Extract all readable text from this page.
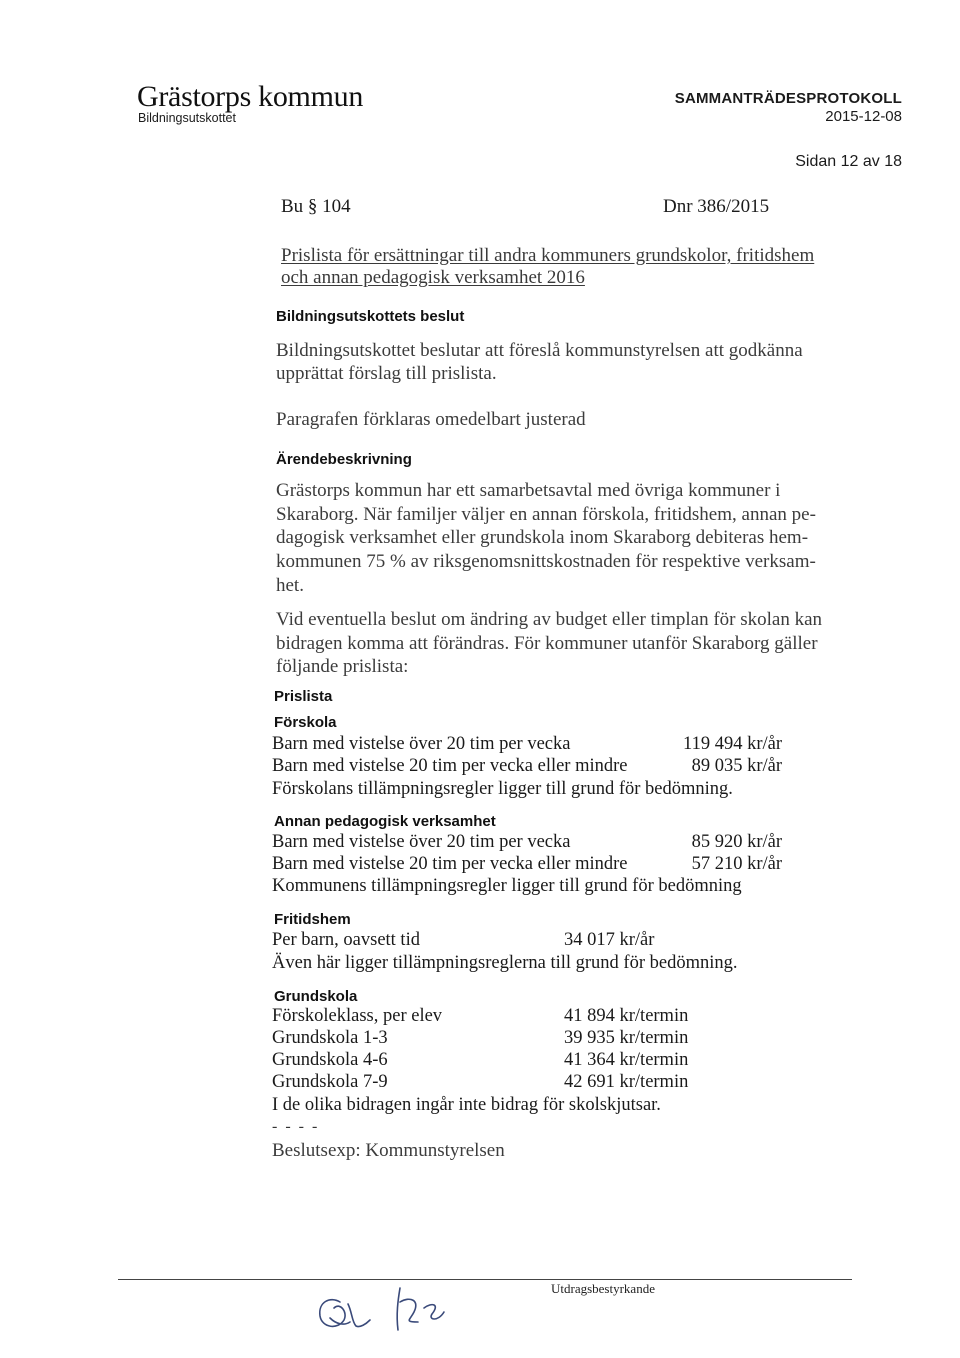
Grästorps kommun
Bildningsutskottet
SAMMANTRÄDESPROTOKOLL
2015-12-08
Sidan 12 av 18
Bu § 104	Dnr 386/2015
Prislista för ersättningar till andra kommuners grundskolor, fritidshem
och annan pedagogisk verksamhet 2016
Bildningsutskottets beslut
Bildningsutskottet beslutar att föreslå kommunstyrelsen att godkänna
upprättat förslag till prislista.
Paragrafen förklaras omedelbart justerad
Ärendebeskrivning
Grästorps kommun har ett samarbetsavtal med övriga kommuner i
Skaraborg. När familjer väljer en annan förskola, fritidshem, annan pe-
dagogisk verksamhet eller grundskola inom Skaraborg debiteras hem-
kommunen 75 % av riksgenomsnittskostnaden för respektive verksam-
het.
Vid eventuella beslut om ändring av budget eller timplan för skolan kan
bidragen komma att förändras. För kommuner utanför Skaraborg gäller
följande prislista:
Prislista
Förskola
Barn med vistelse över 20 tim per vecka	119 494 kr/år
Barn med vistelse 20 tim per vecka eller mindre	89 035 kr/år
Förskolans tillämpningsregler ligger till grund för bedömning.
Annan pedagogisk verksamhet
Barn med vistelse över 20 tim per vecka	85 920 kr/år
Barn med vistelse 20 tim per vecka eller mindre	57 210 kr/år
Kommunens tillämpningsregler ligger till grund för bedömning
Fritidshem
Per barn, oavsett tid	34 017 kr/år
Även här ligger tillämpningsreglerna till grund för bedömning.
Grundskola
Förskoleklass, per elev	41 894 kr/termin
Grundskola 1-3	39 935 kr/termin
Grundskola 4-6	41 364 kr/termin
Grundskola 7-9	42 691 kr/termin
I de olika bidragen ingår inte bidrag för skolskjutsar.
- - - -
Beslutsexp: Kommunstyrelsen
Utdragsbestyrkande
